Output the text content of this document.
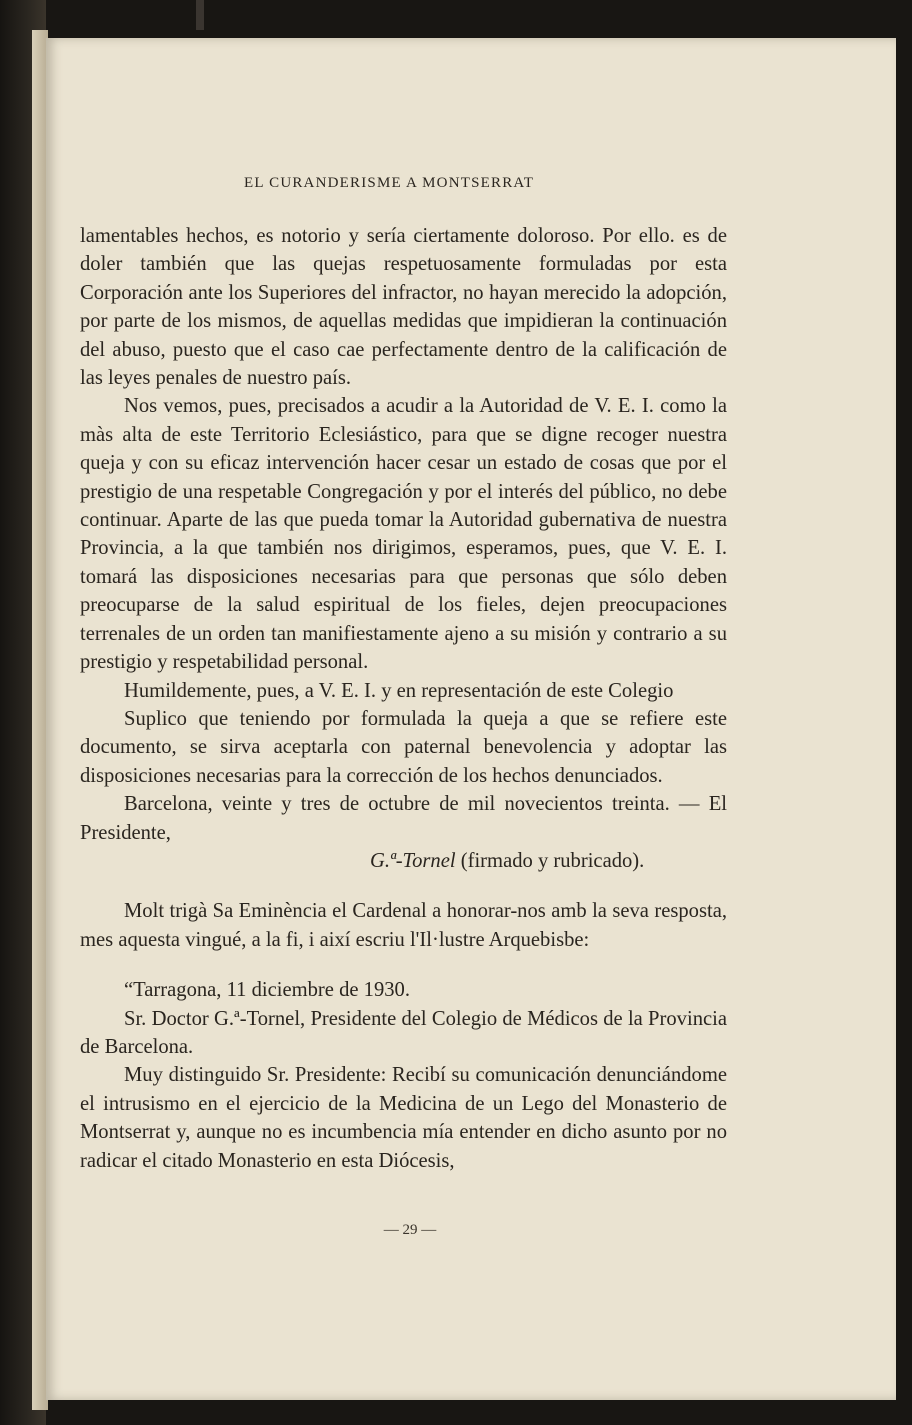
EL CURANDERISME A MONTSERRAT

lamentables hechos, es notorio y sería ciertamente doloroso. Por ello. es de doler también que las quejas respetuosamente formuladas por esta Corporación ante los Superiores del infractor, no hayan merecido la adopción, por parte de los mismos, de aquellas medidas que impidieran la continuación del abuso, puesto que el caso cae perfectamente dentro de la calificación de las leyes penales de nuestro país.

Nos vemos, pues, precisados a acudir a la Autoridad de V. E. I. como la màs alta de este Territorio Eclesiástico, para que se digne recoger nuestra queja y con su eficaz intervención hacer cesar un estado de cosas que por el prestigio de una respetable Congregación y por el interés del público, no debe continuar. Aparte de las que pueda tomar la Autoridad gubernativa de nuestra Provincia, a la que también nos dirigimos, esperamos, pues, que V. E. I. tomará las disposiciones necesarias para que personas que sólo deben preocuparse de la salud espiritual de los fieles, dejen preocupaciones terrenales de un orden tan manifiestamente ajeno a su misión y contrario a su prestigio y respetabilidad personal.

Humildemente, pues, a V. E. I. y en representación de este Colegio

Suplico que teniendo por formulada la queja a que se refiere este documento, se sirva aceptarla con paternal benevolencia y adoptar las disposiciones necesarias para la corrección de los hechos denunciados.

Barcelona, veinte y tres de octubre de mil novecientos treinta. — El Presidente,

G.ª-Tornel (firmado y rubricado).

Molt trigà Sa Eminència el Cardenal a honorar-nos amb la seva resposta, mes aquesta vingué, a la fi, i així escriu l'Il·lustre Arquebisbe:

“Tarragona, 11 diciembre de 1930.

Sr. Doctor G.ª-Tornel, Presidente del Colegio de Médicos de la Provincia de Barcelona.

Muy distinguido Sr. Presidente: Recibí su comunicación denunciándome el intrusismo en el ejercicio de la Medicina de un Lego del Monasterio de Montserrat y, aunque no es incumbencia mía entender en dicho asunto por no radicar el citado Monasterio en esta Diócesis,

— 29 —
